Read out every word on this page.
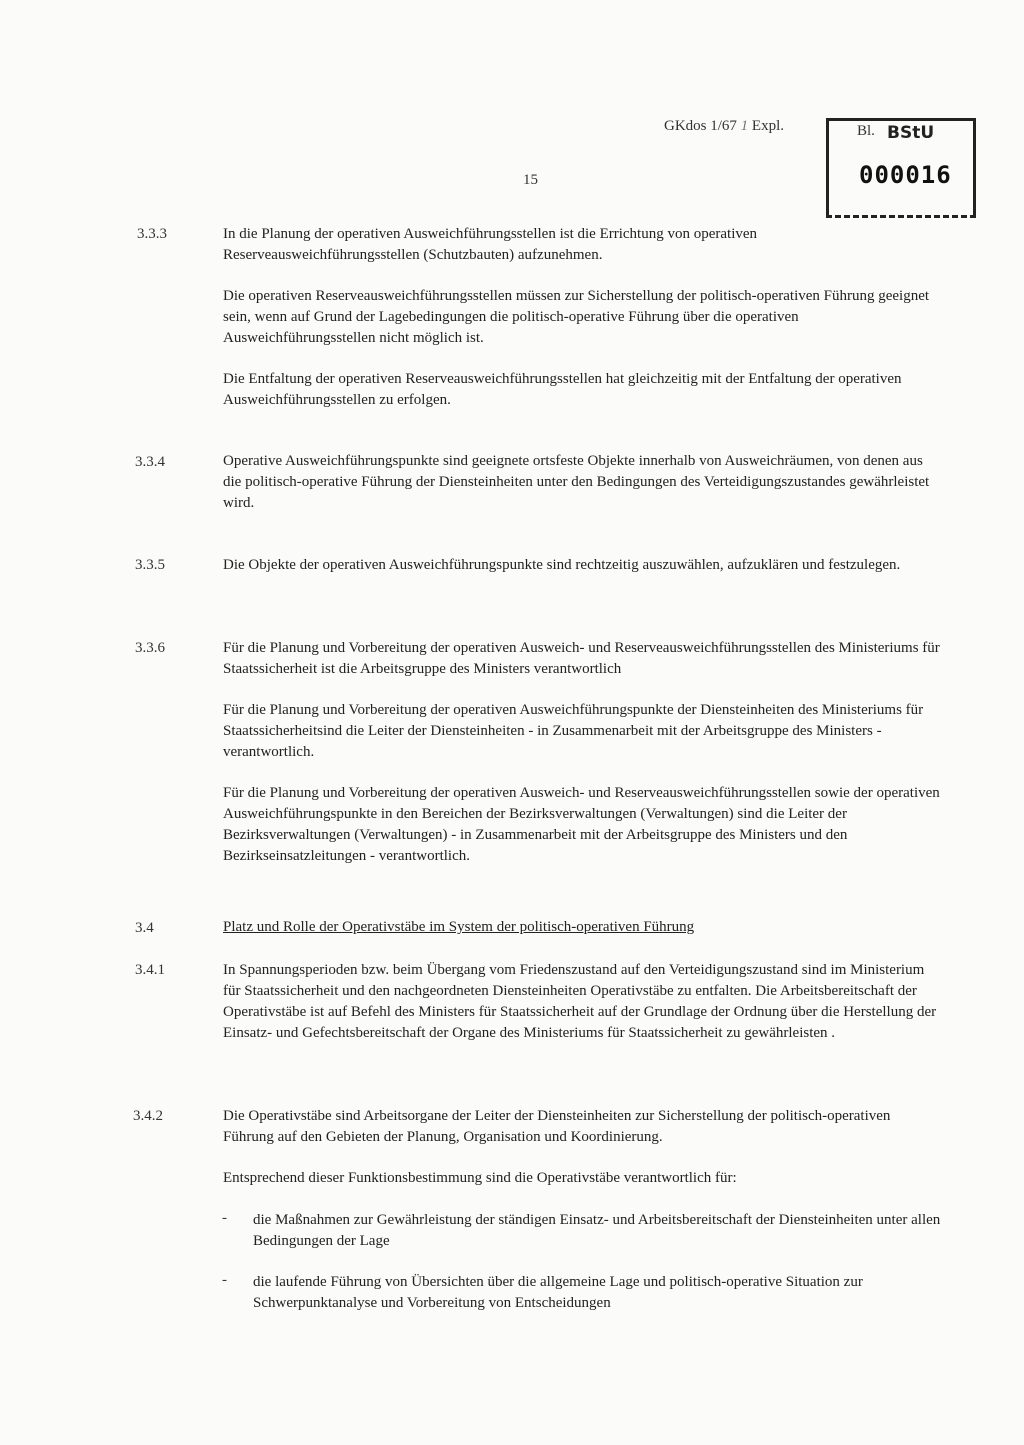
GKdos 1/67 1 Expl.
15
Bl. BStU
000016
3.3.3	In die Planung der operativen Ausweichführungsstellen ist die Errichtung von operativen Reserveausweichführungsstellen (Schutzbauten) aufzunehmen.

Die operativen Reserveausweichführungsstellen müssen zur Sicherstellung der politisch-operativen Führung geeignet sein, wenn auf Grund der Lagebedingungen die politisch-operative Führung über die operativen Ausweichführungsstellen nicht möglich ist.

Die Entfaltung der operativen Reserveausweichführungsstellen hat gleichzeitig mit der Entfaltung der operativen Ausweichführungsstellen zu erfolgen.

3.3.4	Operative Ausweichführungspunkte sind geeignete ortsfeste Objekte innerhalb von Ausweichräumen, von denen aus die politisch-operative Führung der Diensteinheiten unter den Bedingungen des Verteidigungszustandes gewährleistet wird.

3.3.5	Die Objekte der operativen Ausweichführungspunkte sind rechtzeitig auszuwählen, aufzuklären und festzulegen.

3.3.6	Für die Planung und Vorbereitung der operativen Ausweich- und Reserveausweichführungsstellen des Ministeriums für Staatssicherheit ist die Arbeitsgruppe des Ministers verantwortlich

Für die Planung und Vorbereitung der operativen Ausweichführungspunkte der Diensteinheiten des Ministeriums für Staatssicherheitsind die Leiter der Diensteinheiten - in Zusammenarbeit mit der Arbeitsgruppe des Ministers - verantwortlich.

Für die Planung und Vorbereitung der operativen Ausweich- und Reserveausweichführungsstellen sowie der operativen Ausweichführungspunkte in den Bereichen der Bezirksverwaltungen (Verwaltungen) sind die Leiter der Bezirksverwaltungen (Verwaltungen) - in Zusammenarbeit mit der Arbeitsgruppe des Ministers und den Bezirkseinsatzleitungen - verantwortlich.

3.4	Platz und Rolle der Operativstäbe im System der politisch-operativen Führung

3.4.1	In Spannungsperioden bzw. beim Übergang vom Friedenszustand auf den Verteidigungszustand sind im Ministerium für Staatssicherheit und den nachgeordneten Diensteinheiten Operativstäbe zu entfalten. Die Arbeitsbereitschaft der Operativstäbe ist auf Befehl des Ministers für Staatssicherheit auf der Grundlage der Ordnung über die Herstellung der Einsatz- und Gefechtsbereitschaft der Organe des Ministeriums für Staatssicherheit zu gewährleisten .

3.4.2	Die Operativstäbe sind Arbeitsorgane der Leiter der Diensteinheiten zur Sicherstellung der politisch-operativen Führung auf den Gebieten der Planung, Organisation und Koordinierung.

Entsprechend dieser Funktionsbestimmung sind die Operativstäbe verantwortlich für:

- die Maßnahmen zur Gewährleistung der ständigen Einsatz- und Arbeitsbereitschaft der Diensteinheiten unter allen Bedingungen der Lage
- die laufende Führung von Übersichten über die allgemeine Lage und politisch-operative Situation zur Schwerpunktanalyse und Vorbereitung von Entscheidungen
